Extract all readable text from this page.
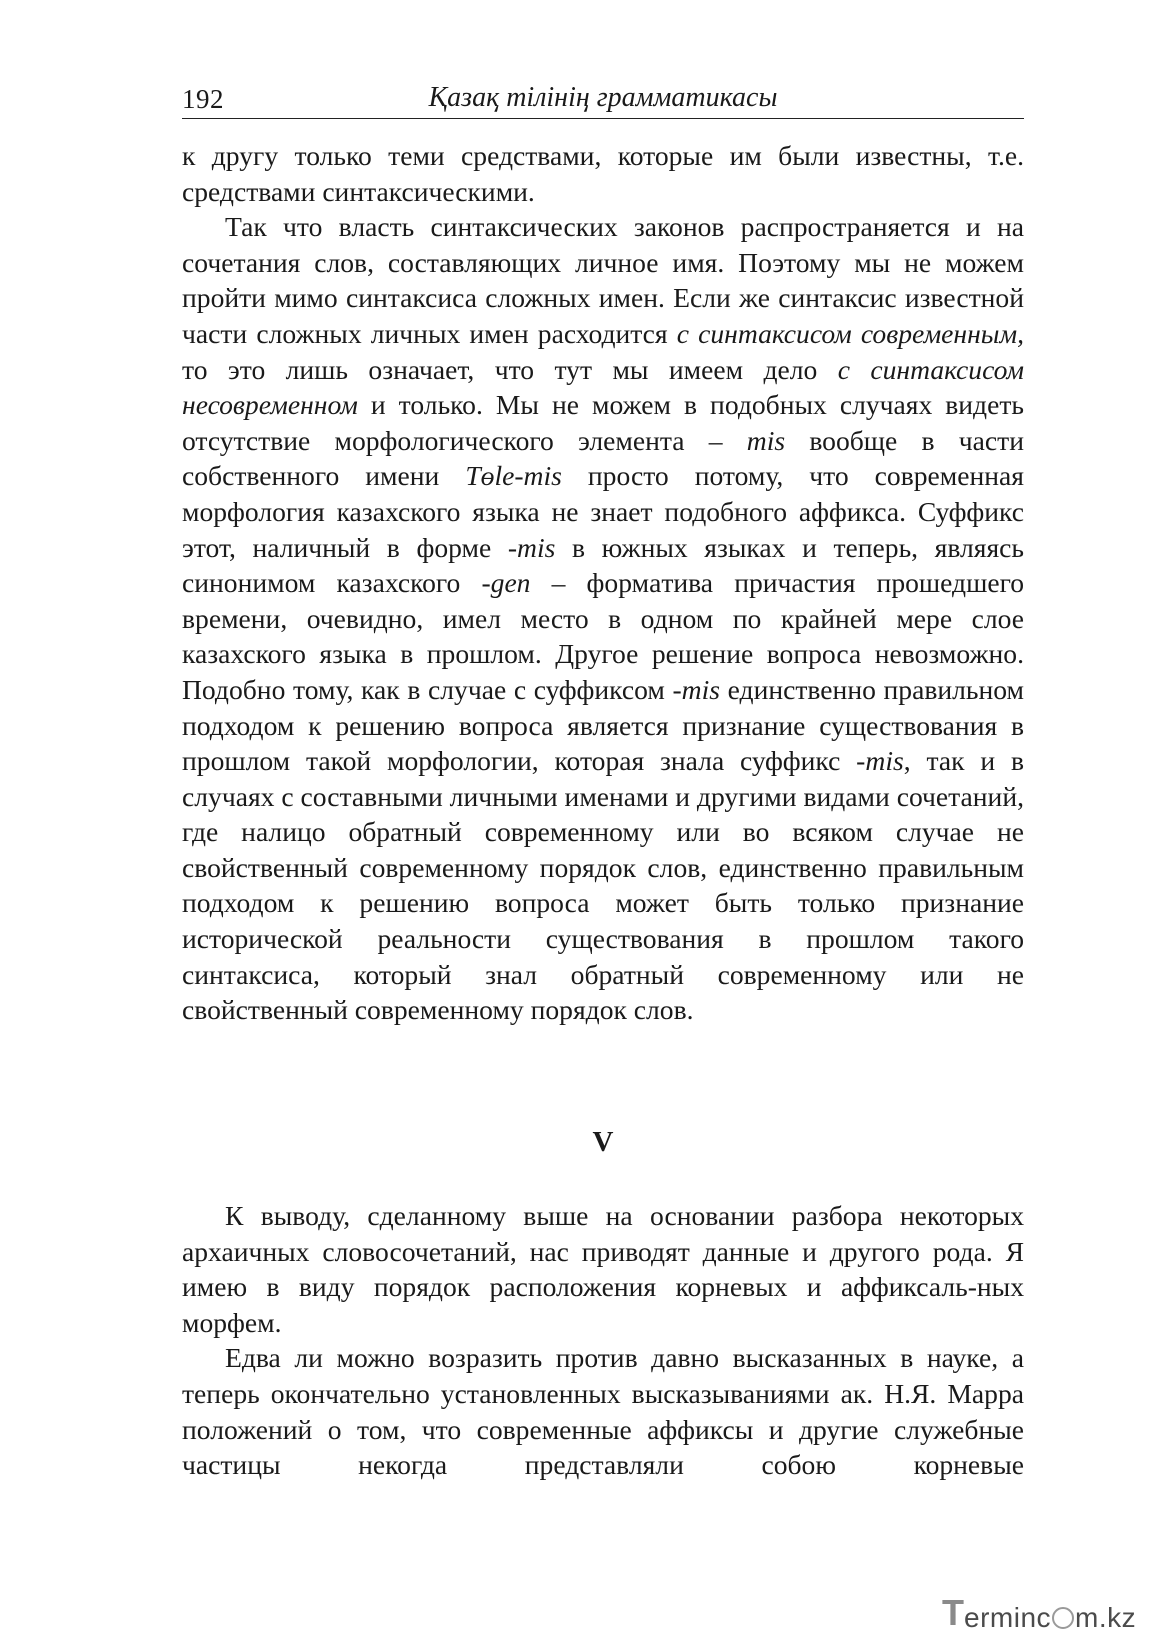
192	Қазақ тілінің грамматикасы

к другу только теми средствами, которые им были известны, т.е. средствами синтаксическими.

Так что власть синтаксических законов распространяется и на сочетания слов, составляющих личное имя. Поэтому мы не можем пройти мимо синтаксиса сложных имен. Если же синтаксис известной части сложных личных имен расходится с синтаксисом современным, то это лишь означает, что тут мы имеем дело с синтаксисом несовременном и только. Мы не можем в подобных случаях видеть отсутствие морфологического элемента – mis вообще в части собственного имени Tөle-mis просто потому, что современная морфология казахского языка не знает подобного аффикса. Суффикс этот, наличный в форме -mis в южных языках и теперь, являясь синонимом казахского -gen – формaтива причастия прошедшего времени, очевидно, имел место в одном по крайней мере слое казахского языка в прошлом. Другое решение вопроса невозможно. Подобно тому, как в случае с суффиксом -mis единственно правильном подходом к решению вопроса является признание существования в прошлом такой морфологии, которая знала суффикс -mis, так и в случаях с составными личными именами и другими видами сочетаний, где налицо обратный современному или во всяком случае не свойственный современному порядок слов, единственно правильным подходом к решению вопроса может быть только признание исторической реальности существования в прошлом такого синтаксиса, который знал обратный современному или не свойственный современному порядок слов.

V

К выводу, сделанному выше на основании разбора некоторых архаичных словосочетаний, нас приводят данные и другого рода. Я имею в виду порядок расположения корневых и аффиксаль-ных морфем.

Едва ли можно возразить против давно высказанных в науке, а теперь окончательно установленных высказываниями ак. Н.Я. Марра положений о том, что современные аффиксы и другие служебные частицы некогда представляли собою корневые

T erminc m.kz
